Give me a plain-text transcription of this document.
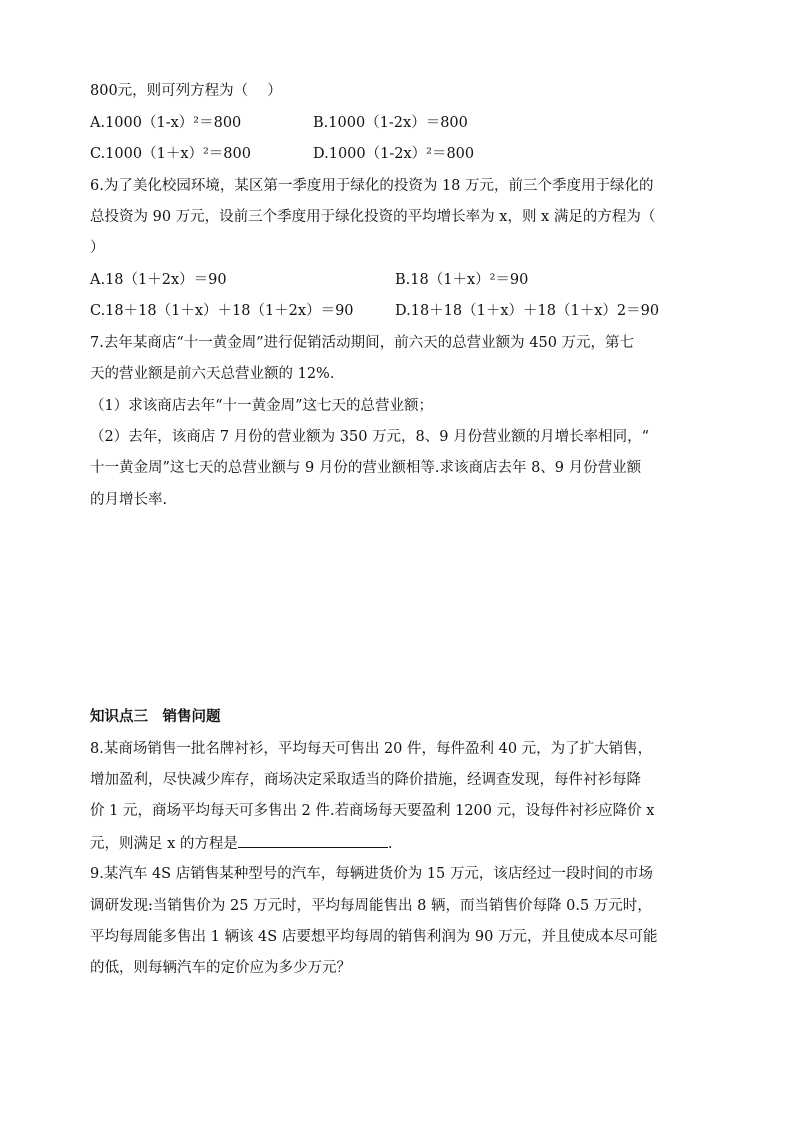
800元，则可列方程为（　 ）
A.1000（1-x）²＝800	B.1000（1-2x）＝800
C.1000（1＋x）²＝800	D.1000（1-2x）²＝800
6.为了美化校园环境，某区第一季度用于绿化的投资为 18 万元，前三个季度用于绿化的
总投资为 90 万元，设前三个季度用于绿化投资的平均增长率为 x，则 x 满足的方程为（
）
A.18（1＋2x）＝90	B.18（1＋x）²＝90
C.18＋18（1＋x）＋18（1＋2x）＝90	D.18＋18（1＋x）＋18（1＋x）2＝90
7.去年某商店“十一黄金周”进行促销活动期间，前六天的总营业额为 450 万元，第七
天的营业额是前六天总营业额的 12%．
（1）求该商店去年“十一黄金周”这七天的总营业额；
（2）去年，该商店 7 月份的营业额为 350 万元，8、9 月份营业额的月增长率相同，“
十一黄金周”这七天的总营业额与 9 月份的营业额相等.求该商店去年 8、9 月份营业额
的月增长率.
知识点三　销售问题
8.某商场销售一批名牌衬衫，平均每天可售出 20 件，每件盈利 40 元，为了扩大销售，
增加盈利，尽快减少库存，商场决定采取适当的降价措施，经调查发现，每件衬衫每降
价 1 元，商场平均每天可多售出 2 件.若商场每天要盈利 1200 元，设每件衬衫应降价 x
元，则满足 x 的方程是	.
9.某汽车 4S 店销售某种型号的汽车，每辆进货价为 15 万元，该店经过一段时间的市场
调研发现:当销售价为 25 万元时，平均每周能售出 8 辆，而当销售价每降 0.5 万元时，
平均每周能多售出 1 辆该 4S 店要想平均每周的销售利润为 90 万元，并且使成本尽可能
的低，则每辆汽车的定价应为多少万元？
